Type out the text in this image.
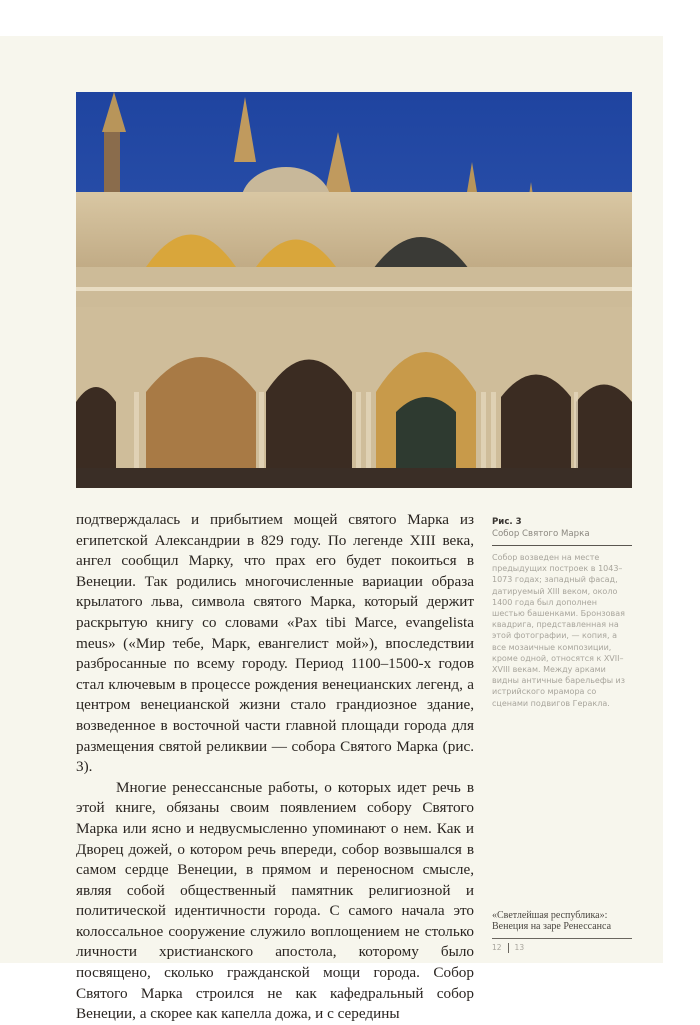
подтверждалась и прибытием мощей святого Марка из египетской Александрии в 829 году. По легенде XIII века, ангел сообщил Марку, что прах его будет покоиться в Венеции. Так родились многочисленные вариации образа крылатого льва, символа святого Марка, который держит раскрытую книгу со словами «Pax tibi Marce, evangelista meus» («Мир тебе, Марк, евангелист мой»), впоследствии разбросанные по всему городу. Период 1100–1500-х годов стал ключевым в процессе рождения венецианских легенд, а центром венецианской жизни стало грандиозное здание, возведенное в восточной части главной площади города для размещения святой реликвии — собора Святого Марка (рис. 3).

Многие ренессансные работы, о которых идет речь в этой книге, обязаны своим появлением собору Святого Марка или ясно и недвусмысленно упоминают о нем. Как и Дворец дожей, о котором речь впереди, собор возвышался в самом сердце Венеции, в прямом и переносном смысле, являя собой общественный памятник религиозной и политической идентичности города. С самого начала это колоссальное сооружение служило воплощением не столько личности христианского апостола, которому было посвящено, сколько гражданской мощи города. Собор Святого Марка строился не как кафедральный собор Венеции, а скорее как капелла дожа, и с середины

Рис. 3
Собор Святого Марка
Собор возведен на месте предыдущих построек в 1043–1073 годах; западный фасад, датируемый XIII веком, около 1400 года был дополнен шестью башенками. Бронзовая квадрига, представленная на этой фотографии, — копия, а все мозаичные композиции, кроме одной, относятся к XVII–XVIII векам. Между арками видны античные барельефы из истрийского мрамора со сценами подвигов Геракла.
«Светлейшая республика»: Венеция на заре Ренессанса
12 13
